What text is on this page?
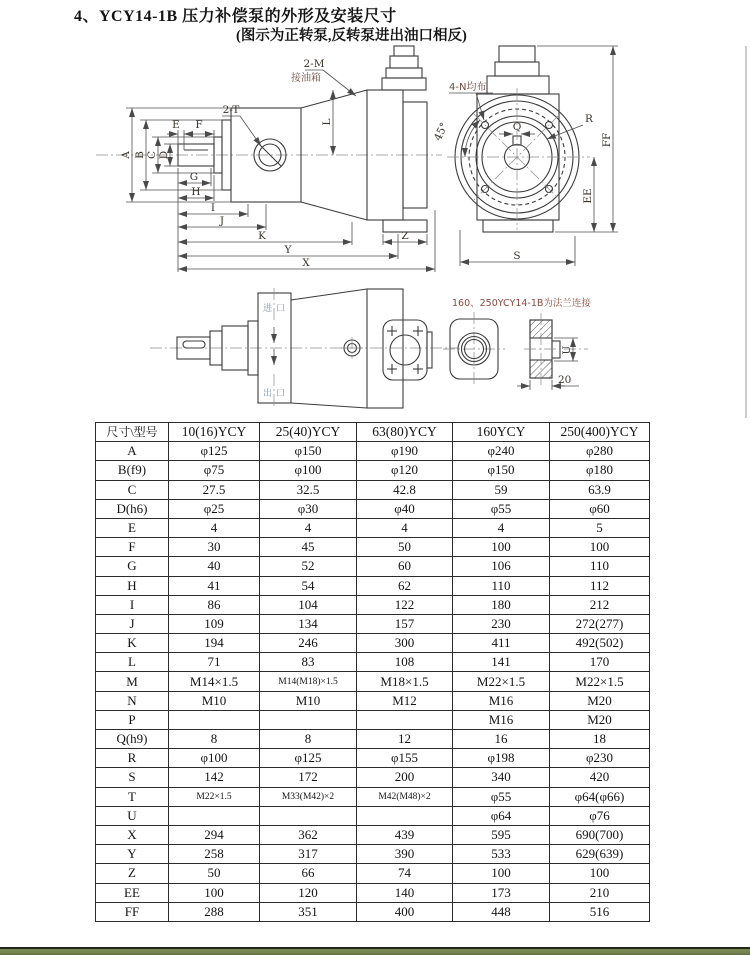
4、YCY14-1B 压力补偿泵的外形及安装尺寸
(图示为正转泵,反转泵进出油口相反)
A B C D
E F
G
H
I
J
K	Z
Y
X
L
2-T
2-M
接油箱
45°
4-N均布
R
Q
FF
EE
S
进口
出口
160、250YCY14-1B为法兰连接
U
20
尺寸\型号	10(16)YCY	25(40)YCY	63(80)YCY	160YCY	250(400)YCY
A	φ125	φ150	φ190	φ240	φ280
B(f9)	φ75	φ100	φ120	φ150	φ180
C	27.5	32.5	42.8	59	63.9
D(h6)	φ25	φ30	φ40	φ55	φ60
E	4	4	4	4	5
F	30	45	50	100	100
G	40	52	60	106	110
H	41	54	62	110	112
I	86	104	122	180	212
J	109	134	157	230	272(277)
K	194	246	300	411	492(502)
L	71	83	108	141	170
M	M14×1.5	M14(M18)×1.5	M18×1.5	M22×1.5	M22×1.5
N	M10	M10	M12	M16	M20
P				M16	M20
Q(h9)	8	8	12	16	18
R	φ100	φ125	φ155	φ198	φ230
S	142	172	200	340	420
T	M22×1.5	M33(M42)×2	M42(M48)×2	φ55	φ64(φ66)
U				φ64	φ76
X	294	362	439	595	690(700)
Y	258	317	390	533	629(639)
Z	50	66	74	100	100
EE	100	120	140	173	210
FF	288	351	400	448	516
